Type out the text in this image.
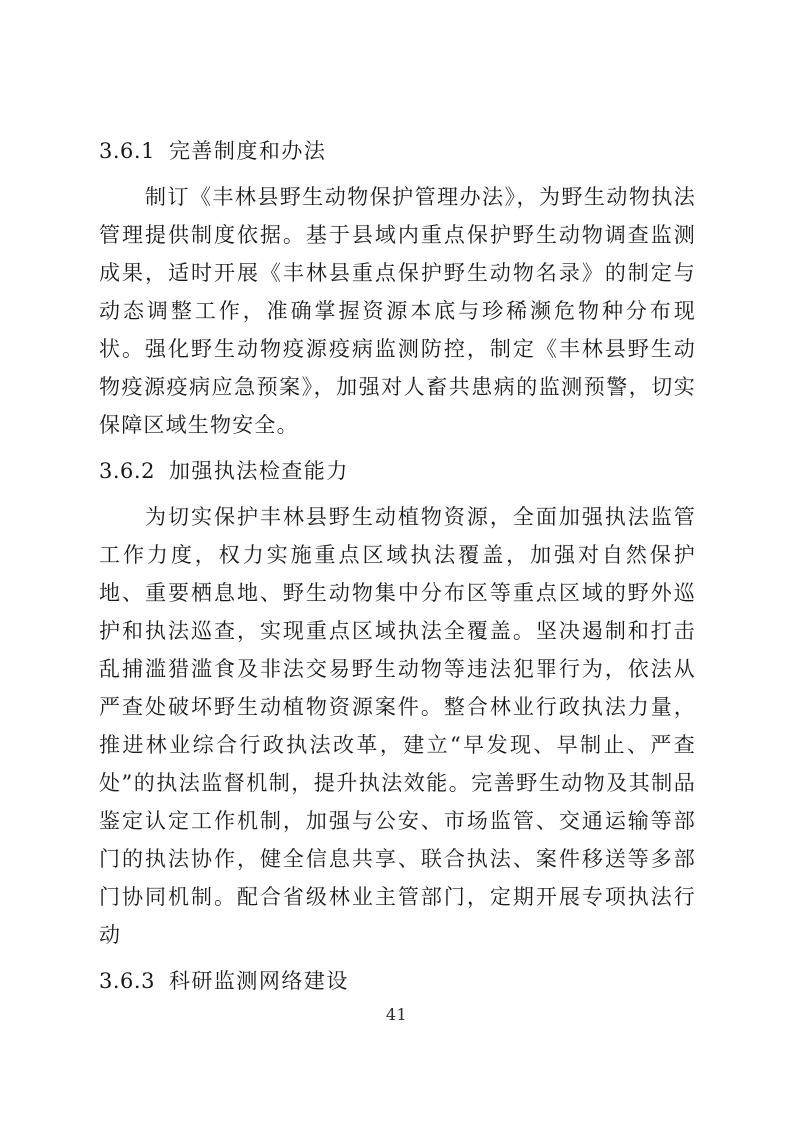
3.6.1 完善制度和办法

制订《丰林县野生动物保护管理办法》，为野生动物执法管理提供制度依据。基于县域内重点保护野生动物调查监测成果，适时开展《丰林县重点保护野生动物名录》的制定与动态调整工作，准确掌握资源本底与珍稀濒危物种分布现状。强化野生动物疫源疫病监测防控，制定《丰林县野生动物疫源疫病应急预案》，加强对人畜共患病的监测预警，切实保障区域生物安全。

3.6.2 加强执法检查能力

为切实保护丰林县野生动植物资源，全面加强执法监管工作力度，权力实施重点区域执法覆盖，加强对自然保护地、重要栖息地、野生动物集中分布区等重点区域的野外巡护和执法巡查，实现重点区域执法全覆盖。坚决遏制和打击乱捕滥猎滥食及非法交易野生动物等违法犯罪行为，依法从严查处破坏野生动植物资源案件。整合林业行政执法力量，推进林业综合行政执法改革，建立“早发现、早制止、严查处”的执法监督机制，提升执法效能。完善野生动物及其制品鉴定认定工作机制，加强与公安、市场监管、交通运输等部门的执法协作，健全信息共享、联合执法、案件移送等多部门协同机制。配合省级林业主管部门，定期开展专项执法行动

3.6.3 科研监测网络建设
41
